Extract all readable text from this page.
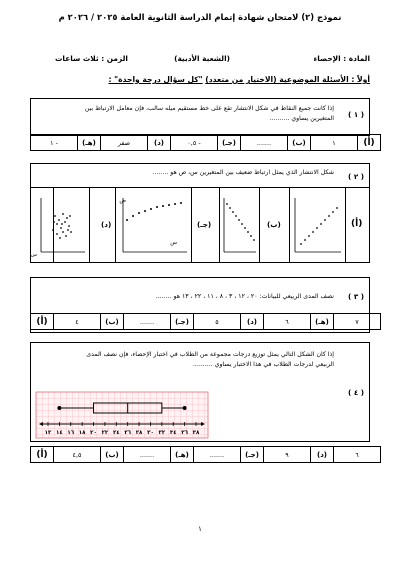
نموذج (٢) لامتحان شهادة إتمام الدراسة الثانوية العامة ٢٠٢٥ / ٢٠٢٦ م
المادة : الإحصاء
(الشعبة الأدبية)
الزمن : ثلاث ساعات
أولاً : الأسئلة الموضوعية (الاختيار من متعدد) "كل سؤال درجة واحدة" :
( ١ )
إذا كانت جميع النقاط في شكل الانتشار تقع على خط مستقيم ميله سالب، فإن معامل الارتباط بين المتغيرين يساوي ..........
(أ)	١	(ب)	.......	(جـ)	- ٠,٥	(د)	صفر	(هـ)	- ١
( ٢ )
شكل الانتشار الذي يمثل ارتباط ضعيف بين المتغيرين س، ص هو ........
(د)	(جـ)	(ب)	(أ)
س
ص
س
( ٣ )
نصف المدى الربيعي للبيانات: ٢٠ ، ١٢ ، ٣ ، ٨ ، ١١ ، ٢٢ ، ١٣ هو ........
٧	(هـ)	٦	(د)	٥	(جـ)	.......	(ب)	٤	(أ)
( ٤ )
إذا كان الشكل التالي يمثل توزيع درجات مجموعة من الطلاب في اختبار الإحصاء، فإن نصف المدى الربيعي لدرجات الطلاب في هذا الاختبار يساوي ..........
١٢ ١٤ ١٦ ١٨ ٢٠ ٢٢ ٢٤ ٢٦ ٢٨ ٣٠ ٣٢ ٣٤ ٣٦ ٣٨
٦	(د)	٩	(جـ)	.......	(هـ)	.......	(ب)	٤,٥	(أ)
١
